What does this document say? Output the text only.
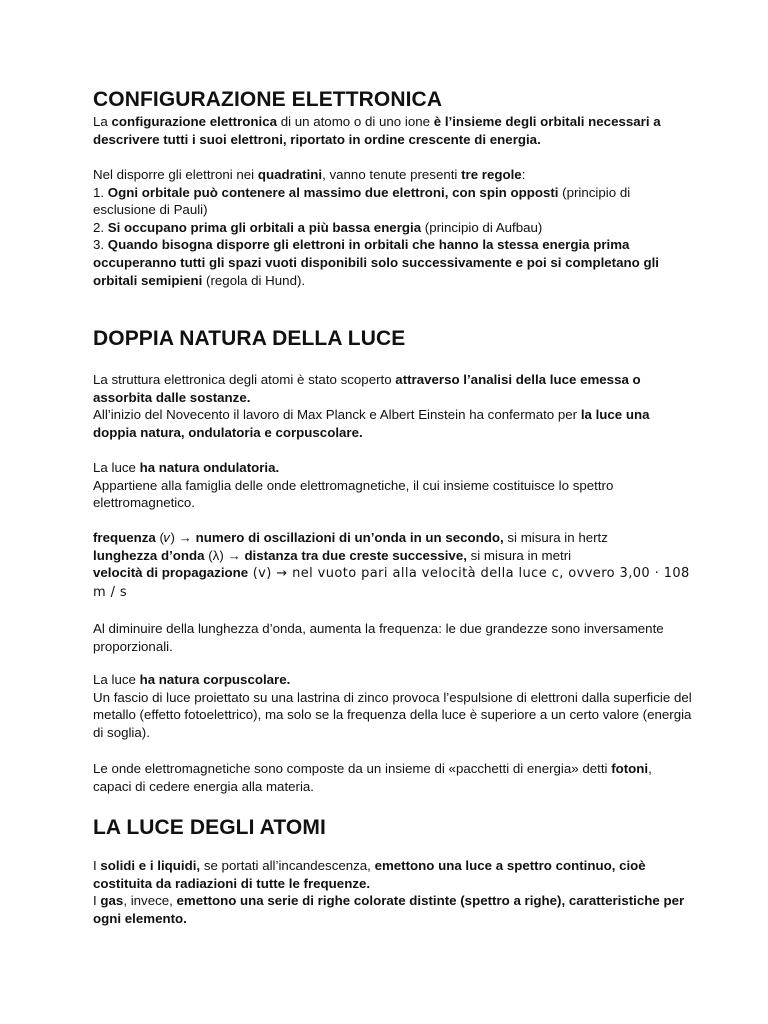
CONFIGURAZIONE ELETTRONICA

La configurazione elettronica di un atomo o di uno ione è l’insieme degli orbitali necessari a descrivere tutti i suoi elettroni, riportato in ordine crescente di energia.

Nel disporre gli elettroni nei quadratini, vanno tenute presenti tre regole:

1. Ogni orbitale può contenere al massimo due elettroni, con spin opposti (principio di esclusione di Pauli)

2. Si occupano prima gli orbitali a più bassa energia (principio di Aufbau)

3. Quando bisogna disporre gli elettroni in orbitali che hanno la stessa energia prima occuperanno tutti gli spazi vuoti disponibili solo successivamente e poi si completano gli orbitali semipieni (regola di Hund).

DOPPIA NATURA DELLA LUCE

La struttura elettronica degli atomi è stato scoperto attraverso l’analisi della luce emessa o assorbita dalle sostanze.

All’inizio del Novecento il lavoro di Max Planck e Albert Einstein ha confermato per la luce una doppia natura, ondulatoria e corpuscolare.

La luce ha natura ondulatoria.

Appartiene alla famiglia delle onde elettromagnetiche, il cui insieme costituisce lo spettro elettromagnetico.

frequenza (𝜈) → numero di oscillazioni di un’onda in un secondo, si misura in hertz

lunghezza d’onda (λ) → distanza tra due creste successive, si misura in metri

velocità di propagazione (v) → nel vuoto pari alla velocità della luce c, ovvero 3,00 · 108 m / s

Al diminuire della lunghezza d’onda, aumenta la frequenza: le due grandezze sono inversamente proporzionali.

La luce ha natura corpuscolare.

Un fascio di luce proiettato su una lastrina di zinco provoca l’espulsione di elettroni dalla superficie del metallo (effetto fotoelettrico), ma solo se la frequenza della luce è superiore a un certo valore (energia di soglia).

Le onde elettromagnetiche sono composte da un insieme di «pacchetti di energia» detti fotoni, capaci di cedere energia alla materia.

LA LUCE DEGLI ATOMI

I solidi e i liquidi, se portati all’incandescenza, emettono una luce a spettro continuo, cioè costituita da radiazioni di tutte le frequenze.

I gas, invece, emettono una serie di righe colorate distinte (spettro a righe), caratteristiche per ogni elemento.
